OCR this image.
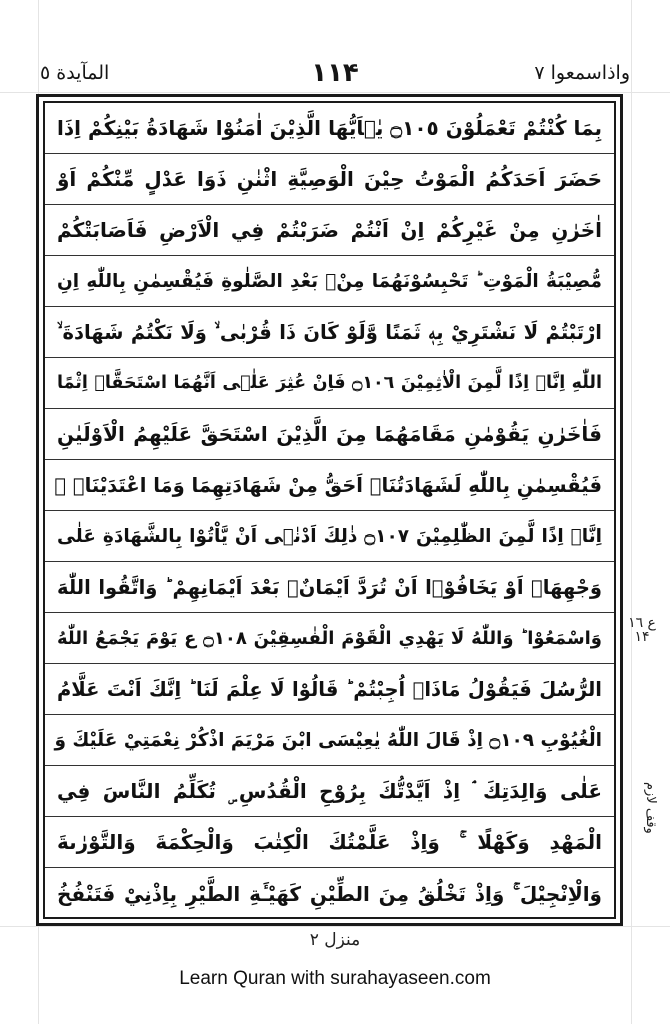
واذاسمعوا ٧
١١۴
المآيدة ٥
بِمَا كُنْتُمْ تَعْمَلُوْنَ ۝١٠٥ يٰۤاَيُّهَا الَّذِيْنَ اٰمَنُوْا شَهَادَةُ بَيْنِكُمْ اِذَا
حَضَرَ اَحَدَكُمُ الْمَوْتُ حِيْنَ الْوَصِيَّةِ اثْنٰنِ ذَوَا عَدْلٍ مِّنْكُمْ اَوْ
اٰخَرٰنِ مِنْ غَيْرِكُمْ اِنْ اَنْتُمْ ضَرَبْتُمْ فِي الْاَرْضِ فَاَصَابَتْكُمْ
مُّصِيْبَةُ الْمَوْتِ ؕ تَحْبِسُوْنَهُمَا مِنْۢ بَعْدِ الصَّلٰوةِ فَيُقْسِمٰنِ بِاللّٰهِ اِنِ
ارْتَبْتُمْ لَا نَشْتَرِيْ بِهٖ ثَمَنًا وَّلَوْ كَانَ ذَا قُرْبٰى ۙ وَلَا نَكْتُمُ شَهَادَةَ ۙ
اللّٰهِ اِنَّاۤ اِذًا لَّمِنَ الْاٰثِمِيْنَ ۝١٠٦ فَاِنْ عُثِرَ عَلٰۤى اَنَّهُمَا اسْتَحَقَّاۤ اِثْمًا
فَاٰخَرٰنِ يَقُوْمٰنِ مَقَامَهُمَا مِنَ الَّذِيْنَ اسْتَحَقَّ عَلَيْهِمُ الْاَوْلَيٰنِ
فَيُقْسِمٰنِ بِاللّٰهِ لَشَهَادَتُنَاۤ اَحَقُّ مِنْ شَهَادَتِهِمَا وَمَا اعْتَدَيْنَاۤ ۖ
اِنَّاۤ اِذًا لَّمِنَ الظّٰلِمِيْنَ ۝١٠٧ ذٰلِكَ اَدْنٰۤى اَنْ يَّاْتُوْا بِالشَّهَادَةِ عَلٰى
وَجْهِهَاۤ اَوْ يَخَافُوْۤا اَنْ تُرَدَّ اَيْمَانٌۢ بَعْدَ اَيْمَانِهِمْ ؕ وَاتَّقُوا اللّٰهَ
وَاسْمَعُوْا ؕ وَاللّٰهُ لَا يَهْدِي الْقَوْمَ الْفٰسِقِيْنَ ۝١٠٨ ع يَوْمَ يَجْمَعُ اللّٰهُ
الرُّسُلَ فَيَقُوْلُ مَاذَاۤ اُجِبْتُمْ ؕ قَالُوْا لَا عِلْمَ لَنَا ؕ اِنَّكَ اَنْتَ عَلَّامُ
الْغُيُوْبِ ۝١٠٩ اِذْ قَالَ اللّٰهُ يٰعِيْسَى ابْنَ مَرْيَمَ اذْكُرْ نِعْمَتِيْ عَلَيْكَ وَ
عَلٰى وَالِدَتِكَ ۘ اِذْ اَيَّدْتُّكَ بِرُوْحِ الْقُدُسِ ۣ تُكَلِّمُ النَّاسَ فِي
الْمَهْدِ وَكَهْلًا ۚ وَاِذْ عَلَّمْتُكَ الْكِتٰبَ وَالْحِكْمَةَ وَالتَّوْرٰىةَ
وَالْاِنْجِيْلَ ۚ وَاِذْ تَخْلُقُ مِنَ الطِّيْنِ كَهَيْـَٔةِ الطَّيْرِ بِاِذْنِيْ فَتَنْفُخُ
ع ١٦ ۱۴
وقف لازم
منزل ٢
Learn Quran with surahayaseen.com
